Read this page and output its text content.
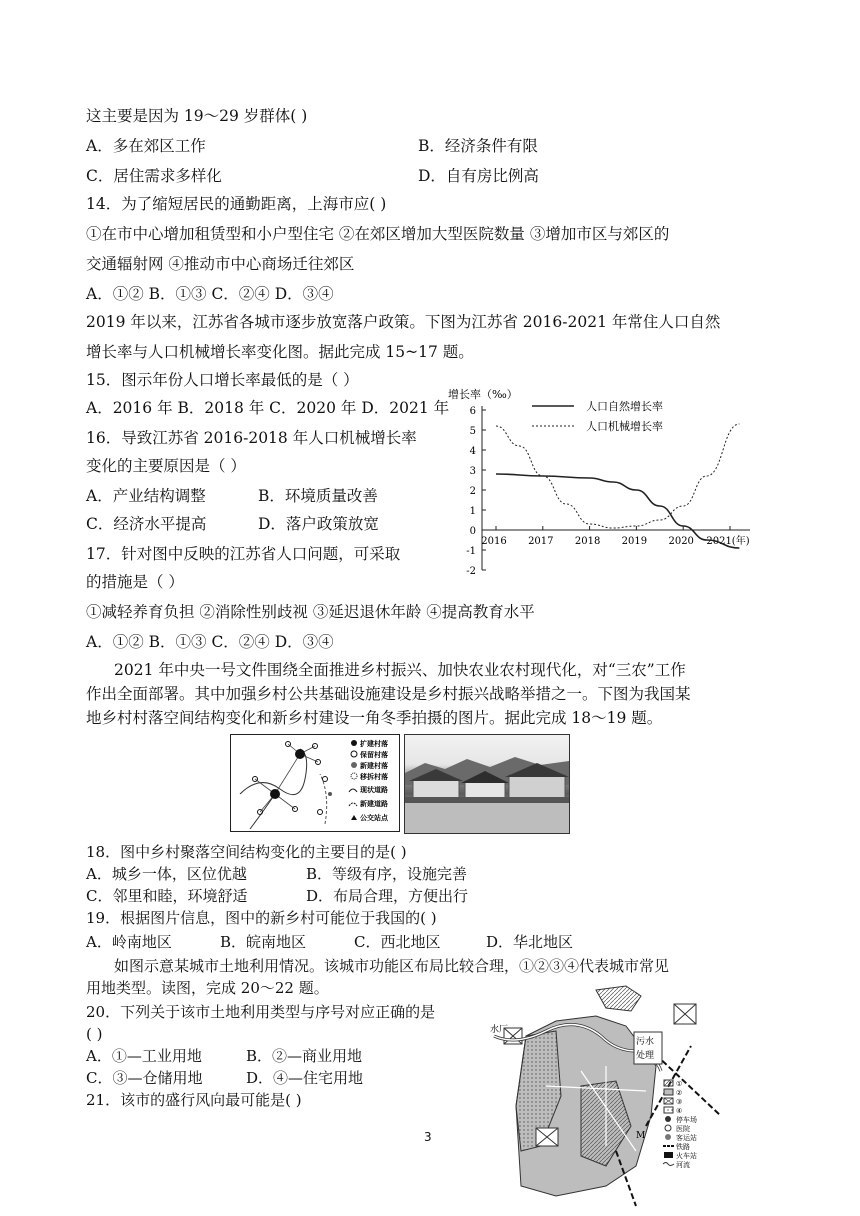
这主要是因为 19～29 岁群体( )
A．多在郊区工作	B．经济条件有限
C．居住需求多样化	D．自有房比例高
14．为了缩短居民的通勤距离，上海市应( )
①在市中心增加租赁型和小户型住宅 ②在郊区增加大型医院数量 ③增加市区与郊区的
交通辐射网 ④推动市中心商场迁往郊区
A．①② B．①③ C．②④ D．③④
2019 年以来，江苏省各城市逐步放宽落户政策。下图为江苏省 2016-2021 年常住人口自然
增长率与人口机械增长率变化图。据此完成 15~17 题。
15．图示年份人口增长率最低的是（ ）
A．2016 年 B．2018 年 C．2020 年 D．2021 年
16．导致江苏省 2016-2018 年人口机械增长率
变化的主要原因是（ ）
A．产业结构调整	B．环境质量改善
C．经济水平提高	D．落户政策放宽
17．针对图中反映的江苏省人口问题，可采取
的措施是（ ）
①减轻养育负担 ②消除性别歧视 ③延迟退休年龄 ④提高教育水平
A．①② B．①③ C．②④ D．③④
增长率（‰）
6
5
4
3
2
1
0
-1
-2
2016 2017 2018 2019 2020 2021(年)
人口自然增长率
人口机械增长率
2021 年中央一号文件围绕全面推进乡村振兴、加快农业农村现代化，对“三农”工作
作出全面部署。其中加强乡村公共基础设施建设是乡村振兴战略举措之一。下图为我国某
地乡村村落空间结构变化和新乡村建设一角冬季拍摄的图片。据此完成 18～19 题。
扩建村落
保留村落
新建村落
移拆村落
现状道路
新建道路
公交站点
18．图中乡村聚落空间结构变化的主要目的是( )
A．城乡一体，区位优越	B．等级有序，设施完善
C．邻里和睦，环境舒适	D．布局合理，方便出行
19．根据图片信息，图中的新乡村可能位于我国的( )
A．岭南地区	B．皖南地区	C．西北地区	D．华北地区
如图示意某城市土地利用情况。该城市功能区布局比较合理，①②③④代表城市常见
用地类型。读图，完成 20～22 题。
20．下列关于该市土地利用类型与序号对应正确的是
( )
A．①—工业用地	B．②—商业用地
C．③—仓储用地	D．④—住宅用地
21．该市的盛行风向最可能是( )
水厂
污水
处理
M
①
②
③
④
停车场
医院
客运站
铁路
火车站
河流
3
